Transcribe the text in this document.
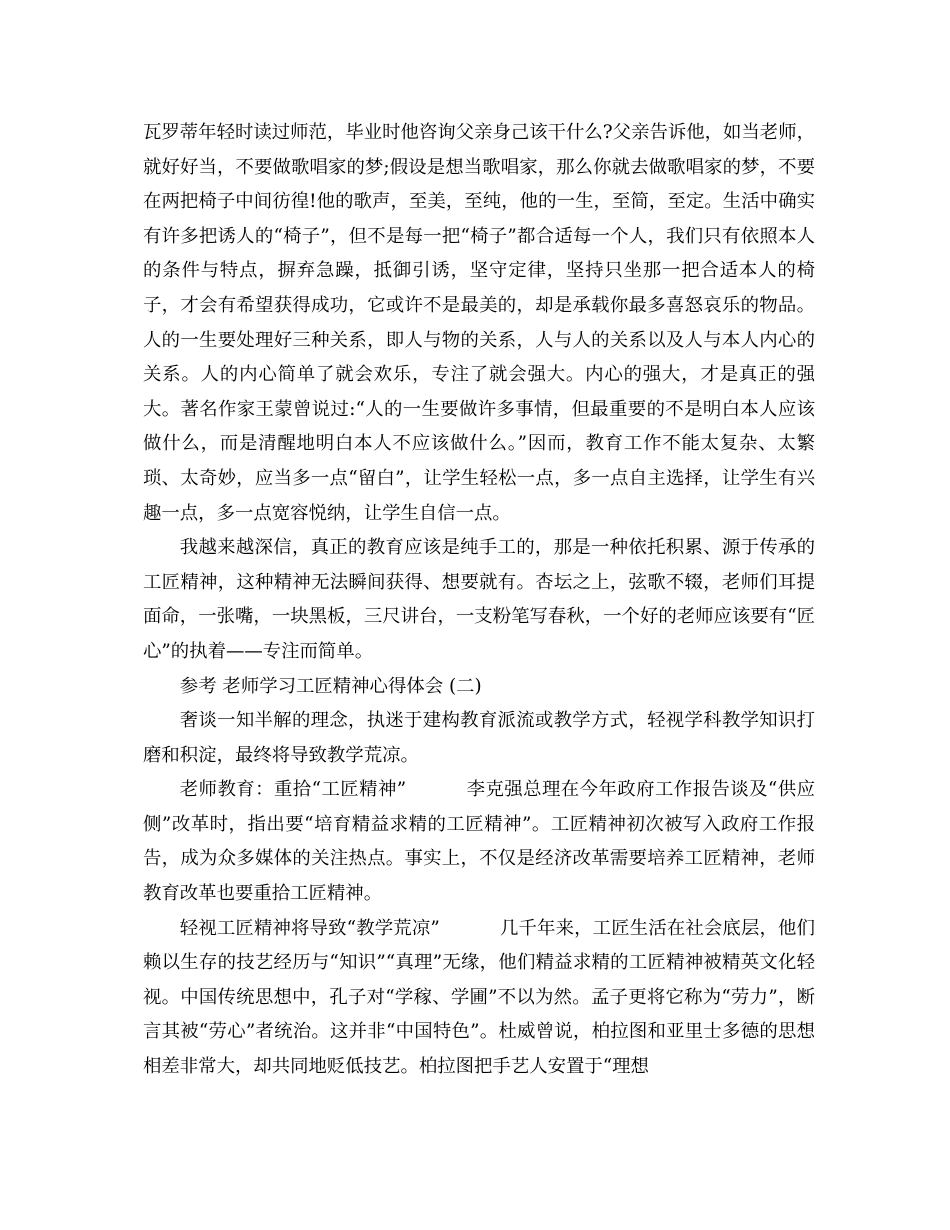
瓦罗蒂年轻时读过师范，毕业时他咨询父亲身己该干什么?父亲告诉他，如当老师，就好好当，不要做歌唱家的梦;假设是想当歌唱家，那么你就去做歌唱家的梦，不要在两把椅子中间彷徨!他的歌声，至美，至纯，他的一生，至简，至定。生活中确实有许多把诱人的“椅子”，但不是每一把“椅子”都合适每一个人，我们只有依照本人的条件与特点，摒弃急躁，抵御引诱，坚守定律，坚持只坐那一把合适本人的椅子，才会有希望获得成功，它或许不是最美的，却是承载你最多喜怒哀乐的物品。人的一生要处理好三种关系，即人与物的关系，人与人的关系以及人与本人内心的关系。人的内心简单了就会欢乐，专注了就会强大。内心的强大，才是真正的强大。著名作家王蒙曾说过:“人的一生要做许多事情，但最重要的不是明白本人应该做什么，而是清醒地明白本人不应该做什么。”因而，教育工作不能太复杂、太繁琐、太奇妙，应当多一点“留白”，让学生轻松一点，多一点自主选择，让学生有兴趣一点，多一点宽容悦纳，让学生自信一点。

我越来越深信，真正的教育应该是纯手工的，那是一种依托积累、源于传承的工匠精神，这种精神无法瞬间获得、想要就有。杏坛之上，弦歌不辍，老师们耳提面命，一张嘴，一块黑板，三尺讲台，一支粉笔写春秋，一个好的老师应该要有“匠心”的执着——专注而简单。

参考 老师学习工匠精神心得体会 (二)

奢谈一知半解的理念，执迷于建构教育派流或教学方式，轻视学科教学知识打磨和积淀，最终将导致教学荒凉。

老师教育：重拾“工匠精神”	李克强总理在今年政府工作报告谈及“供应侧”改革时，指出要“培育精益求精的工匠精神”。工匠精神初次被写入政府工作报告，成为众多媒体的关注热点。事实上，不仅是经济改革需要培养工匠精神，老师教育改革也要重拾工匠精神。

轻视工匠精神将导致“教学荒凉”	几千年来，工匠生活在社会底层，他们赖以生存的技艺经历与“知识”“真理”无缘，他们精益求精的工匠精神被精英文化轻视。中国传统思想中，孔子对“学稼、学圃”不以为然。孟子更将它称为“劳力”，断言其被“劳心”者统治。这并非“中国特色”。杜威曾说，柏拉图和亚里士多德的思想相差非常大，却共同地贬低技艺。柏拉图把手艺人安置于“理想
